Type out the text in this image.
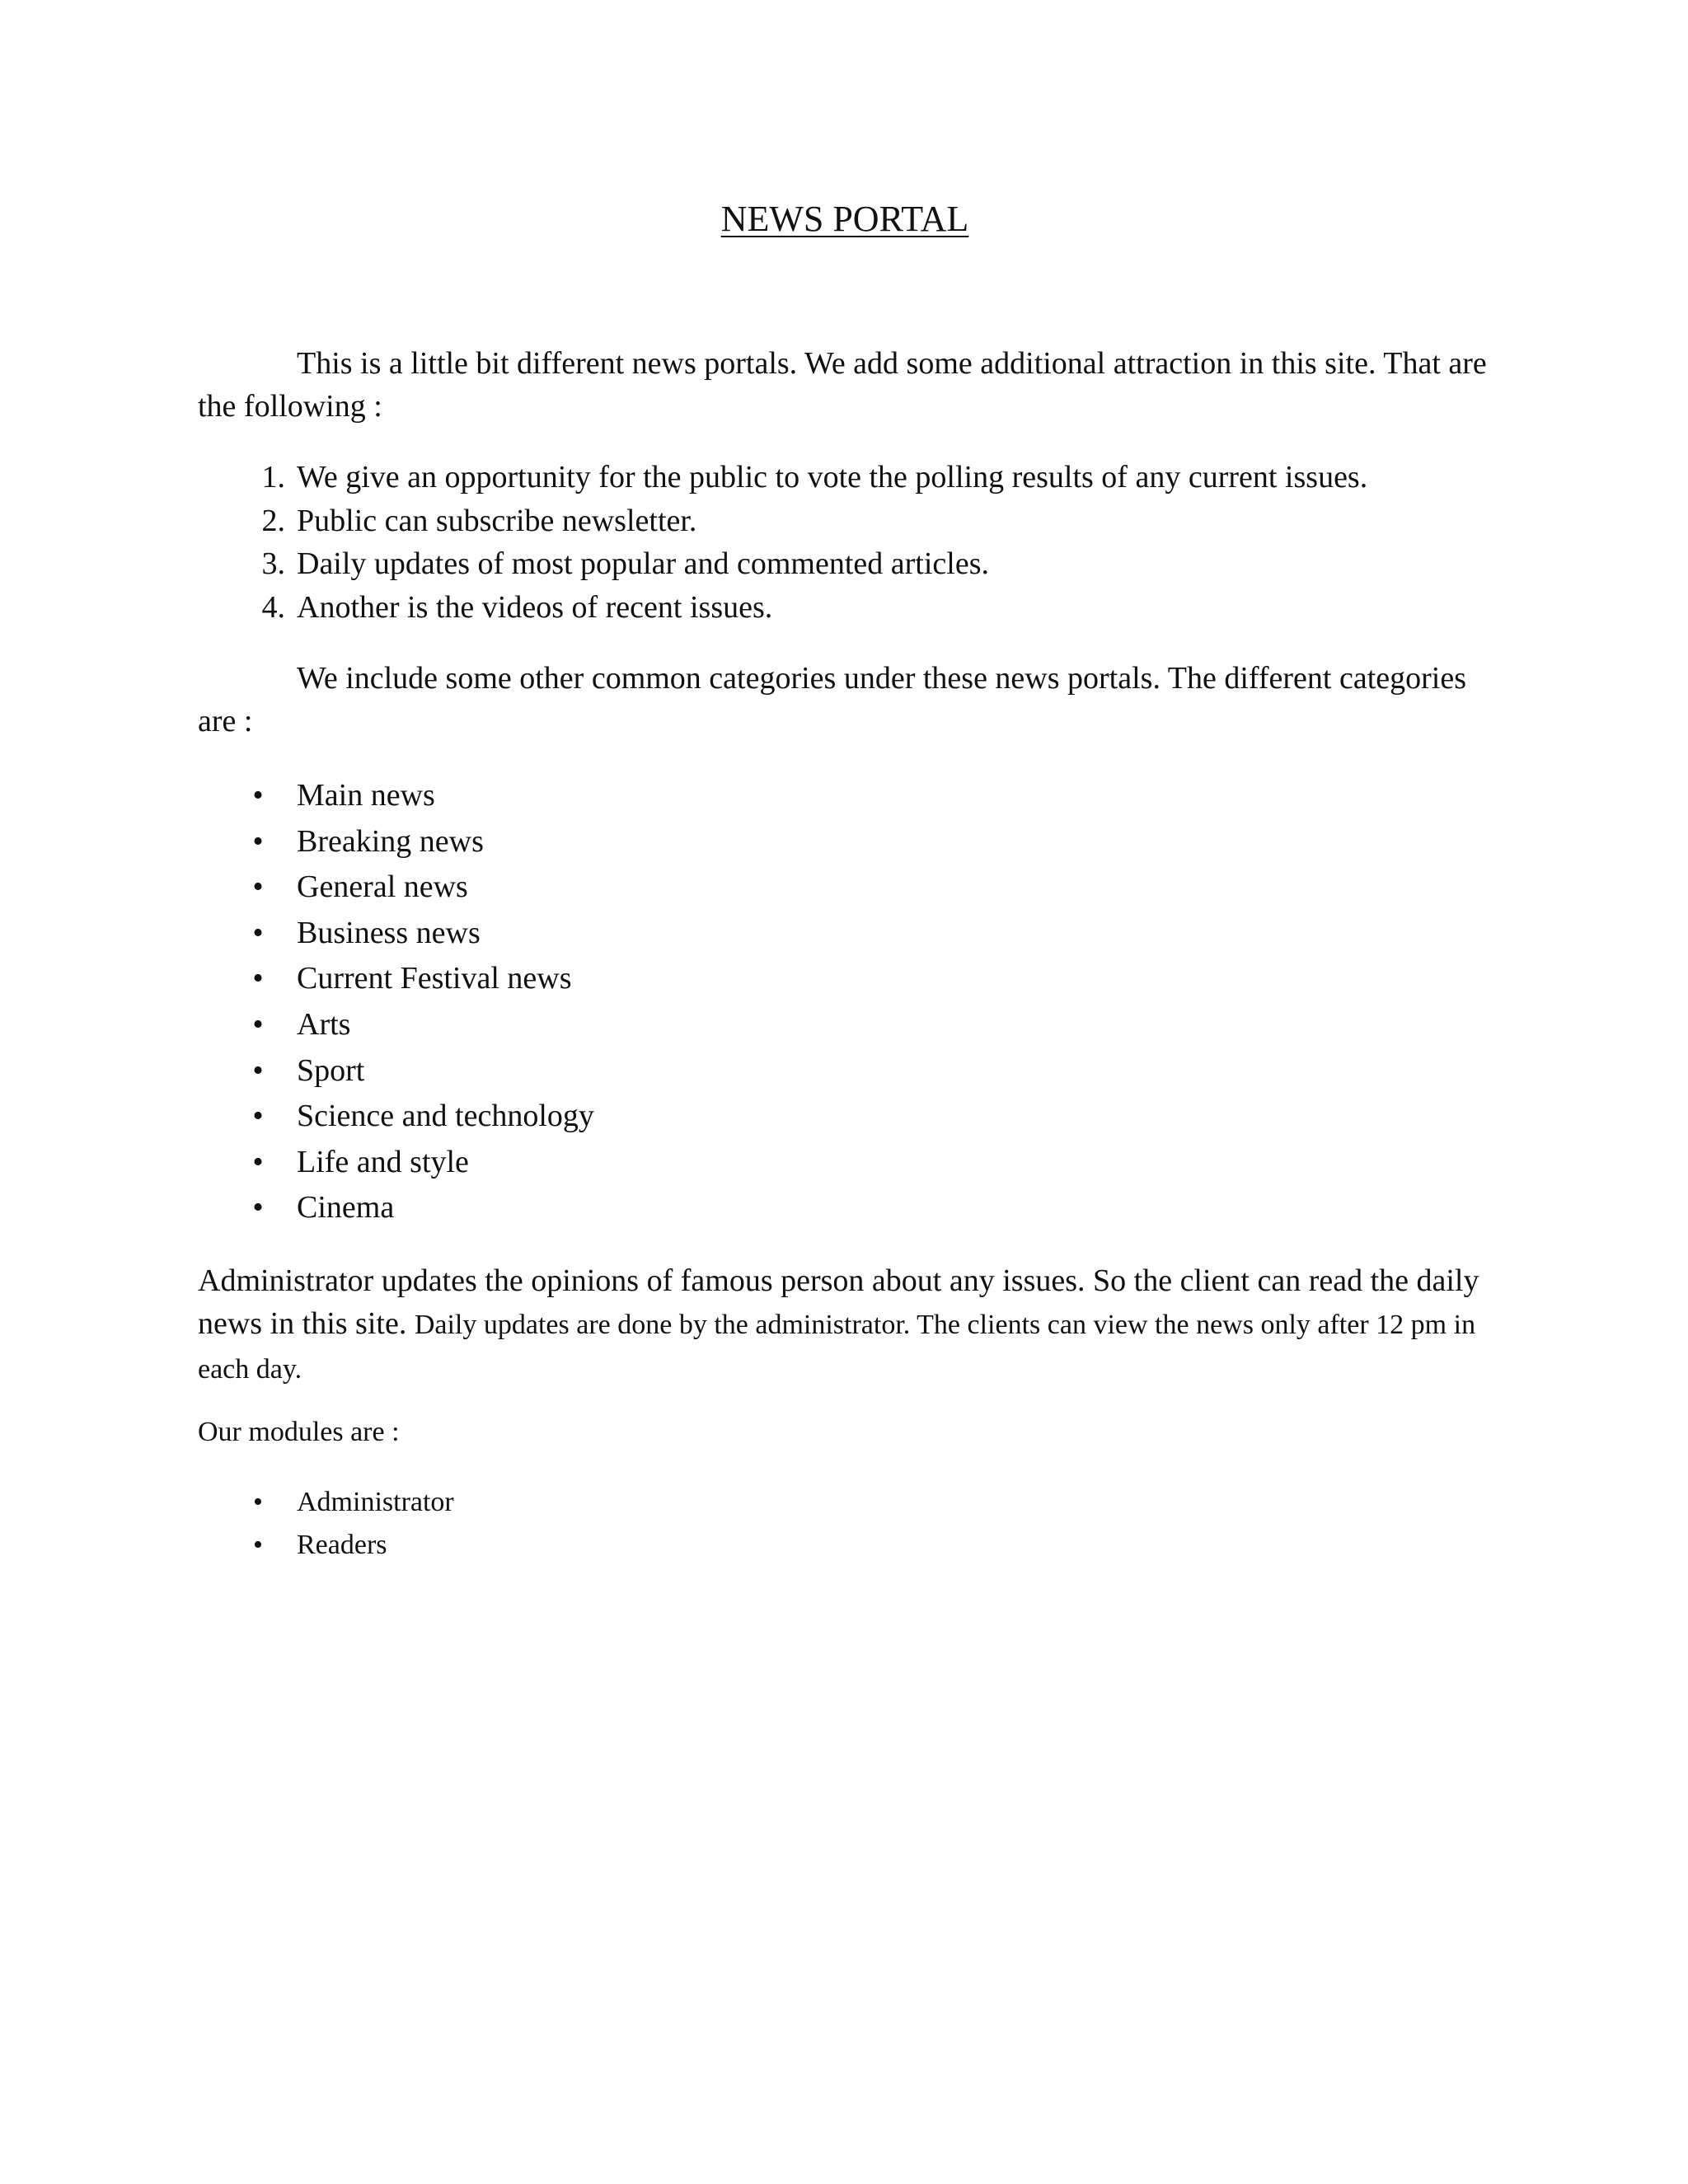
NEWS PORTAL

This is a little bit different news portals. We add some additional attraction in this site. That are the following :

1. We give an opportunity for the public to vote the polling results of any current issues.
2. Public can subscribe newsletter.
3. Daily updates of most popular and commented articles.
4. Another is the videos of recent issues.

We include some other common categories under these news portals. The different categories are :

• Main news
• Breaking news
• General news
• Business news
• Current Festival news
• Arts
• Sport
• Science and technology
• Life and style
• Cinema

Administrator updates the opinions of famous person about any issues. So the client can read the daily news in this site. Daily updates are done by the administrator. The clients can view the news only after 12 pm in each day.

Our modules are :

• Administrator
• Readers
